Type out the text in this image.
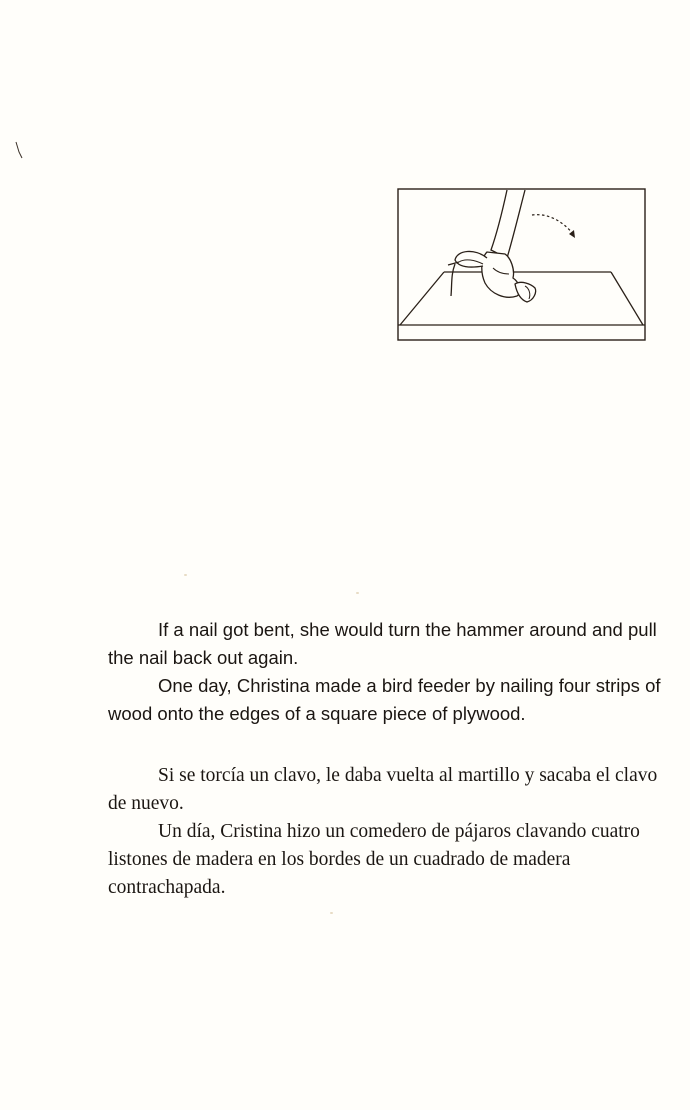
If a nail got bent, she would turn the hammer around and pull the nail back out again.

One day, Christina made a bird feeder by nailing four strips of wood onto the edges of a square piece of plywood.

Si se torcía un clavo, le daba vuelta al martillo y sacaba el clavo de nuevo.

Un día, Cristina hizo un comedero de pájaros clavando cuatro listones de madera en los bordes de un cuadrado de madera contrachapada.
